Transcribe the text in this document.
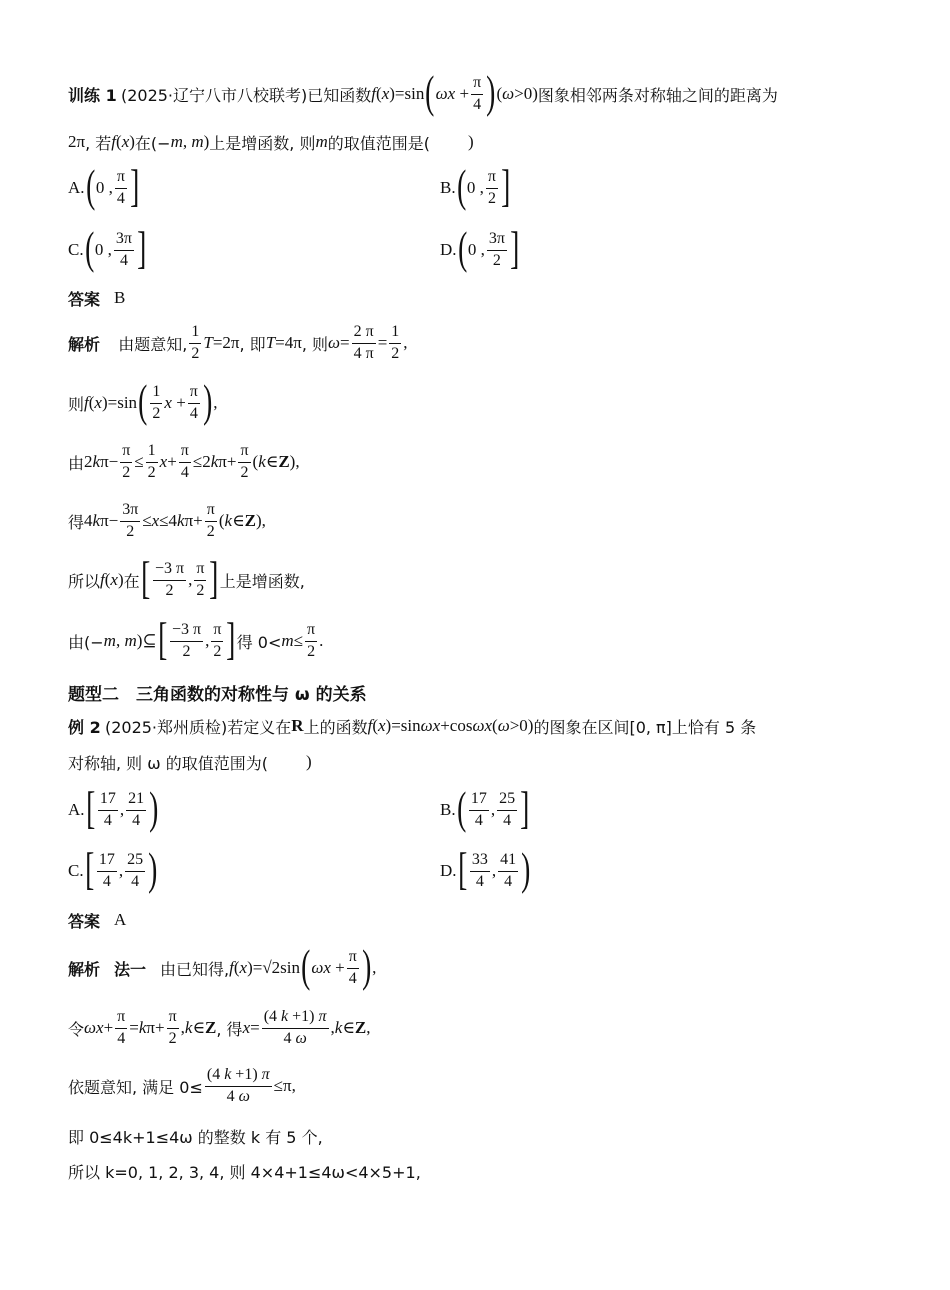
训练 1
(2025·辽宁八市八校联考) 已知函数 f(x)=sin ( $\omega x + \frac{\pi}{4}$ ) (ω>0) 图象相邻两条对称轴之间的距离为
2π , 若 f(x) 在(− m, m) 上是增函数, 则 m 的取值范围是( )
A. ( 0 , $\frac{\pi}{4}$ ]	B. ( 0 , $\frac{\pi}{2}$ ]
C. ( 0 , $\frac{3\pi}{4}$ ]	D. ( 0 , $\frac{3\pi}{2}$ ]
答案 B
解析
由题意知, $\frac{1}{2} T=2\pi$ , 即 T=4π , 则 $\omega= \frac{2 \pi}{4 \pi} = \frac{1}{2}$ ,
则 f(x)=sin ( $\frac{1}{2}$ $x + \frac{\pi}{4}$ ) ,
由 $2k\pi- \frac{\pi}{2} \le \frac{1}{2}$ $x + \frac{\pi}{4} \le 2$ k $\pi+ \frac{\pi}{2}$ ( k ∈ Z ),
得 $4k\pi- \frac{3\pi}{2} \le x \le 4$ k $\pi+ \frac{\pi}{2}$ ( k ∈ Z ),
所以 f(x) 在 [ $\frac{-3 \pi}{2}$ , $\frac{\pi}{2}$ ] 上是增函数,
由(− m, m)⊆ [ $\frac{-3 \pi}{2}$ , $\frac{\pi}{2}$ ] 得 $0< m \le \frac{\pi}{2}$ .
题型二　三角函数的对称性与 ω 的关系
例 2
(2025·郑州质检) 若定义在 R 上的函数 f(x) =sin ωx +cos ωx ( ω >0) 的图象在区间[0, π]上恰有 5 条
对称轴, 则 ω 的取值范围为( )
A. [ $\frac{17}{4}$ , $\frac{21}{4}$ )	B. ( $\frac{17}{4}$ , $\frac{25}{4}$ ]
C. [ $\frac{17}{4}$ , $\frac{25}{4}$ )	D. [ $\frac{33}{4}$ , $\frac{41}{4}$ )
答案 A
解析 法一 由已知得, f(x)=√2sin ( $\omega x + \frac{\pi}{4}$ ) ,
令 $\omega x+ \frac{\pi}{4} = k$ $\pi+ \frac{\pi}{2}$ , k ∈ Z , 得 $x = \frac{(4 k +1) \pi}{4 \omega}$ , k ∈ Z ,
依题意知, 满足 $0\le \frac{(4 k +1) \pi}{4 \omega} \le\pi$,
即 0≤4k+1≤4ω 的整数 k 有 5 个,
所以 k=0, 1, 2, 3, 4, 则 4×4+1≤4ω<4×5+1,
